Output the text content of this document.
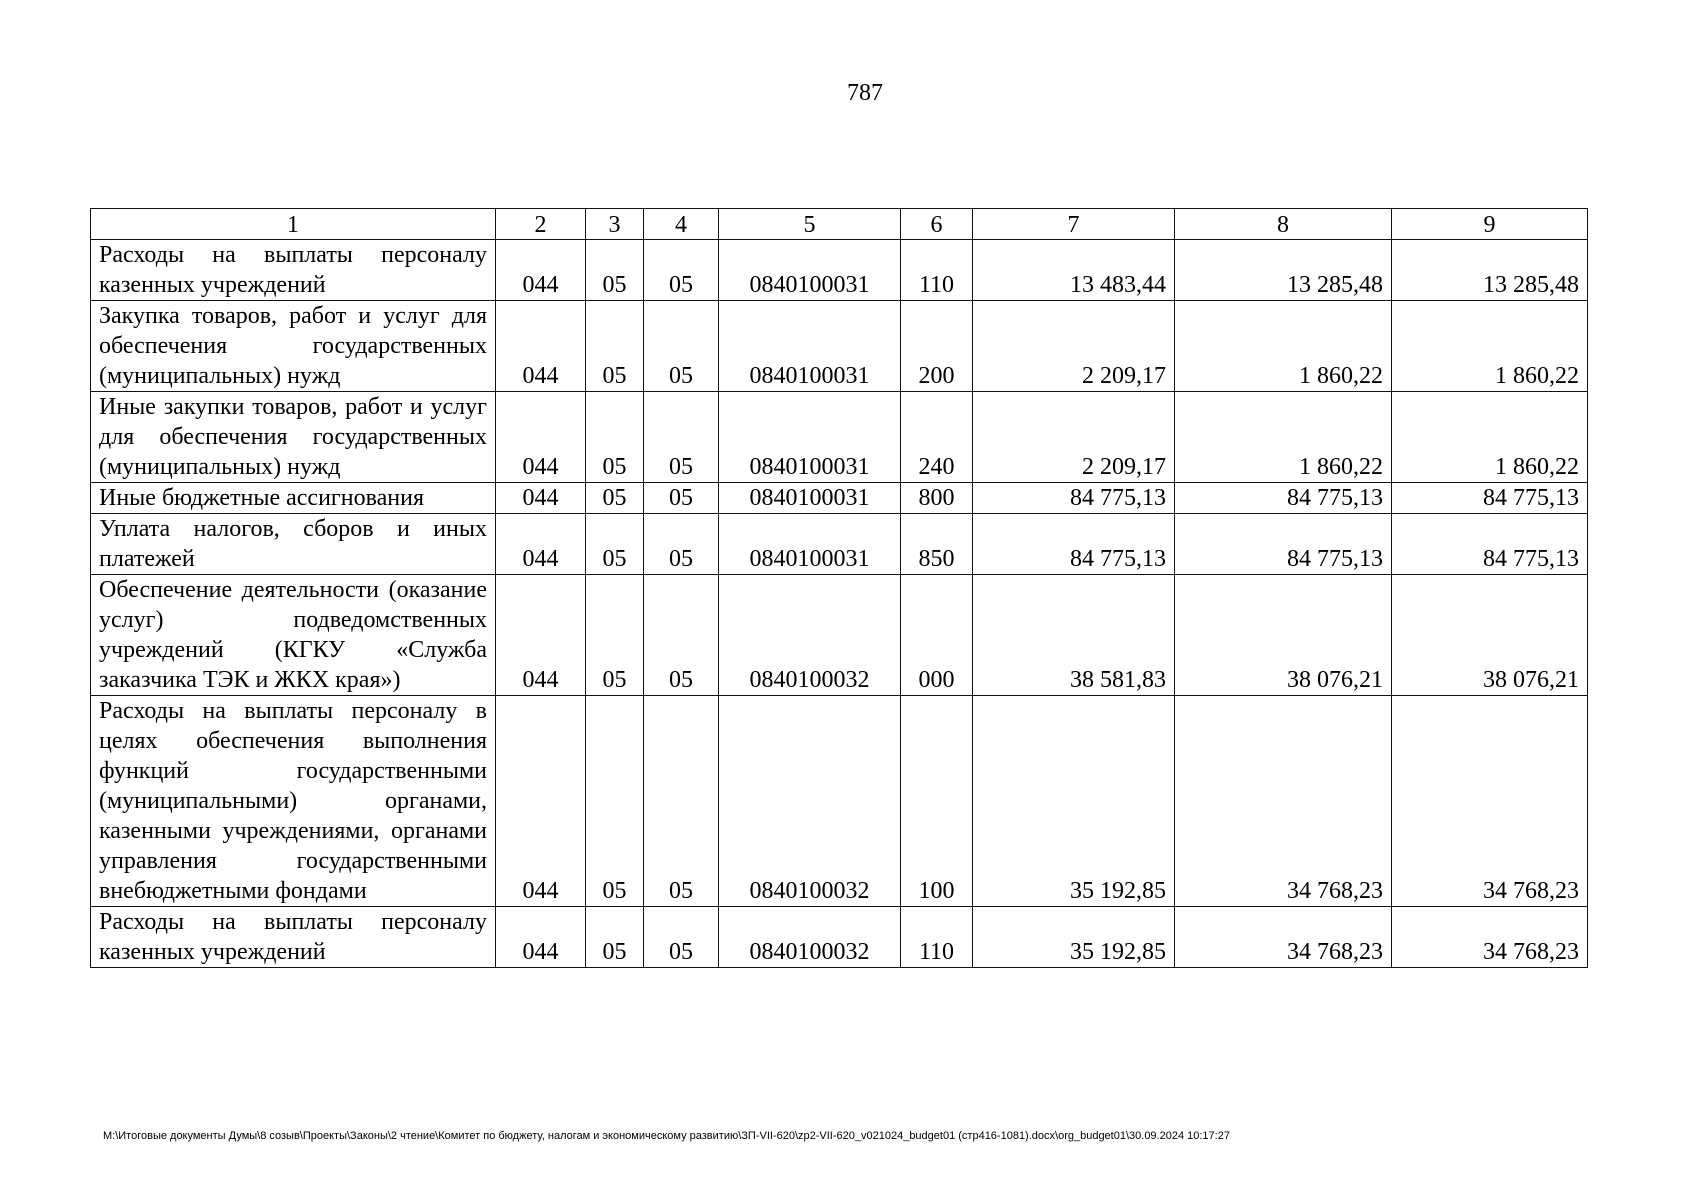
787
1	2	3	4	5	6	7	8	9
Расходы на выплаты персоналу казенных учреждений	044	05	05	0840100031	110	13 483,44	13 285,48	13 285,48
Закупка товаров, работ и услуг для обеспечения государственных (муниципальных) нужд	044	05	05	0840100031	200	2 209,17	1 860,22	1 860,22
Иные закупки товаров, работ и услуг для обеспечения государственных (муниципальных) нужд	044	05	05	0840100031	240	2 209,17	1 860,22	1 860,22
Иные бюджетные ассигнования	044	05	05	0840100031	800	84 775,13	84 775,13	84 775,13
Уплата налогов, сборов и иных платежей	044	05	05	0840100031	850	84 775,13	84 775,13	84 775,13
Обеспечение деятельности (оказание услуг) подведомственных учреждений (КГКУ «Служба заказчика ТЭК и ЖКХ края»)	044	05	05	0840100032	000	38 581,83	38 076,21	38 076,21
Расходы на выплаты персоналу в целях обеспечения выполнения функций государственными (муниципальными) органами, казенными учреждениями, органами управления государственными внебюджетными фондами	044	05	05	0840100032	100	35 192,85	34 768,23	34 768,23
Расходы на выплаты персоналу казенных учреждений	044	05	05	0840100032	110	35 192,85	34 768,23	34 768,23
M:\Итоговые документы Думы\8 созыв\Проекты\Законы\2 чтение\Комитет по бюджету, налогам и экономическому развитию\ЗП-VII-620\zp2-VII-620_v021024_budget01 (стр416-1081).docx\org_budget01\30.09.2024 10:17:27
